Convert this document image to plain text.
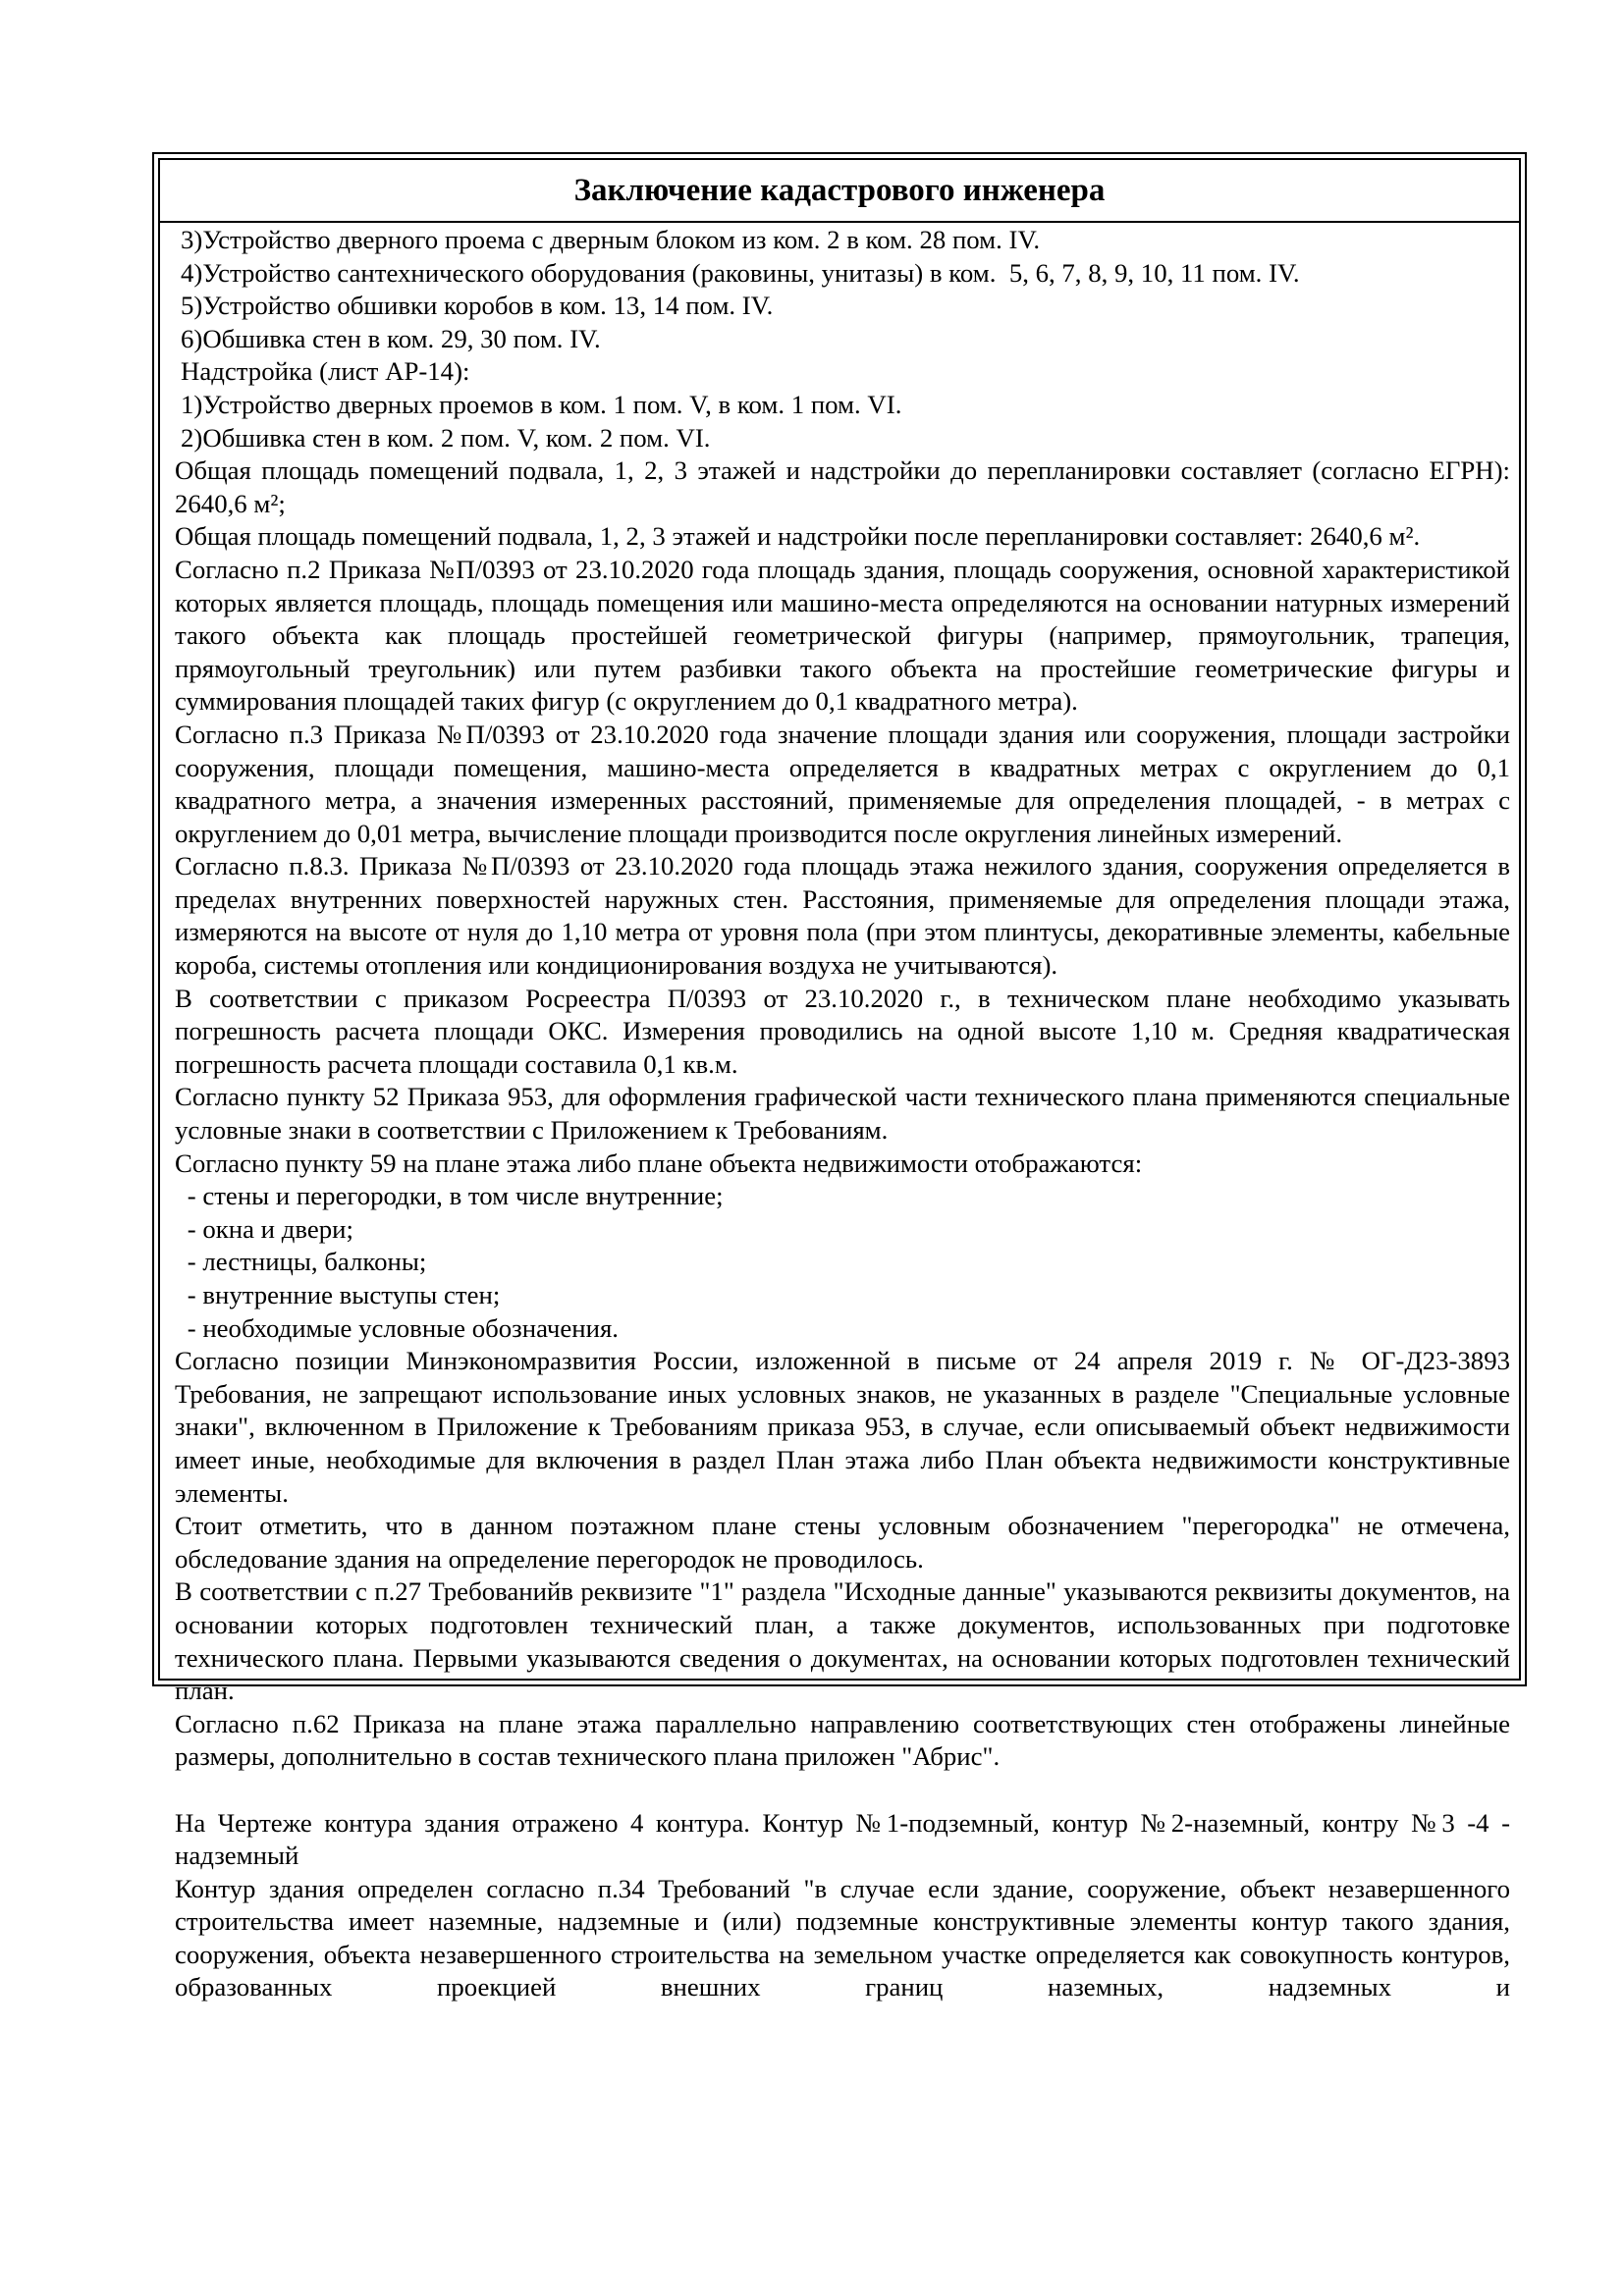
Заключение кадастрового инженера

3)Устройство дверного проема с дверным блоком из ком. 2 в ком. 28 пом. IV.

4)Устройство сантехнического оборудования (раковины, унитазы) в ком.  5, 6, 7, 8, 9, 10, 11 пом. IV.

5)Устройство обшивки коробов в ком. 13, 14 пом. IV.

6)Обшивка стен в ком. 29, 30 пом. IV.

Надстройка (лист АР-14):

1)Устройство дверных проемов в ком. 1 пом. V, в ком. 1 пом. VI.

2)Обшивка стен в ком. 2 пом. V, ком. 2 пом. VI.

Общая площадь помещений подвала, 1, 2, 3 этажей и надстройки до перепланировки составляет (согласно ЕГРН): 2640,6 м²;

Общая площадь помещений подвала, 1, 2, 3 этажей и надстройки после перепланировки составляет: 2640,6 м².

Согласно п.2 Приказа №П/0393 от 23.10.2020 года площадь здания, площадь сооружения, основной характеристикой которых является площадь, площадь помещения или машино-места определяются на основании натурных измерений такого объекта как площадь простейшей геометрической фигуры (например, прямоугольник, трапеция, прямоугольный треугольник) или путем разбивки такого объекта на простейшие геометрические фигуры и суммирования площадей таких фигур (с округлением до 0,1 квадратного метра).

Согласно п.3 Приказа №П/0393 от 23.10.2020 года значение площади здания или сооружения, площади застройки сооружения, площади помещения, машино-места определяется в квадратных метрах с округлением до 0,1 квадратного метра, а значения измеренных расстояний, применяемые для определения площадей, - в метрах с округлением до 0,01 метра, вычисление площади производится после округления линейных измерений.

Согласно п.8.3. Приказа №П/0393 от 23.10.2020 года площадь этажа нежилого здания, сооружения определяется в пределах внутренних поверхностей наружных стен. Расстояния, применяемые для определения площади этажа, измеряются на высоте от нуля до 1,10 метра от уровня пола (при этом плинтусы, декоративные элементы, кабельные короба, системы отопления или кондиционирования воздуха не учитываются).

В соответствии с приказом Росреестра П/0393 от 23.10.2020 г., в техническом плане необходимо указывать погрешность расчета площади ОКС. Измерения проводились на одной высоте 1,10 м. Средняя квадратическая погрешность расчета площади составила 0,1 кв.м.

Согласно пункту 52 Приказа 953, для оформления графической части технического плана применяются специальные условные знаки в соответствии с Приложением к Требованиям.

Согласно пункту 59 на плане этажа либо плане объекта недвижимости отображаются:

- стены и перегородки, в том числе внутренние;

- окна и двери;

- лестницы, балконы;

- внутренние выступы стен;

- необходимые условные обозначения.

Согласно позиции Минэкономразвития России, изложенной в письме от 24 апреля 2019 г. № ОГ-Д23-3893 Требования, не запрещают использование иных условных знаков, не указанных в разделе "Специальные условные знаки", включенном в Приложение к Требованиям приказа 953, в случае, если описываемый объект недвижимости имеет иные, необходимые для включения в раздел План этажа либо План объекта недвижимости конструктивные элементы.

Стоит отметить, что в данном поэтажном плане стены условным обозначением "перегородка" не отмечена, обследование здания на определение перегородок не проводилось.

В соответствии с п.27 Требованийв реквизите "1" раздела "Исходные данные" указываются реквизиты документов, на основании которых подготовлен технический план, а также документов, использованных при подготовке технического плана. Первыми указываются сведения о документах, на основании которых подготовлен технический план.

Согласно п.62 Приказа на плане этажа параллельно направлению соответствующих стен отображены линейные размеры, дополнительно в состав технического плана приложен "Абрис".

На Чертеже контура здания отражено 4 контура. Контур №1-подземный, контур №2-наземный, контру №3 -4 - надземный

Контур здания определен согласно п.34 Требований "в случае если здание, сооружение, объект незавершенного строительства имеет наземные, надземные и (или) подземные конструктивные элементы контур такого здания, сооружения, объекта незавершенного строительства на земельном участке определяется как совокупность контуров, образованных проекцией внешних границ наземных, надземных и
